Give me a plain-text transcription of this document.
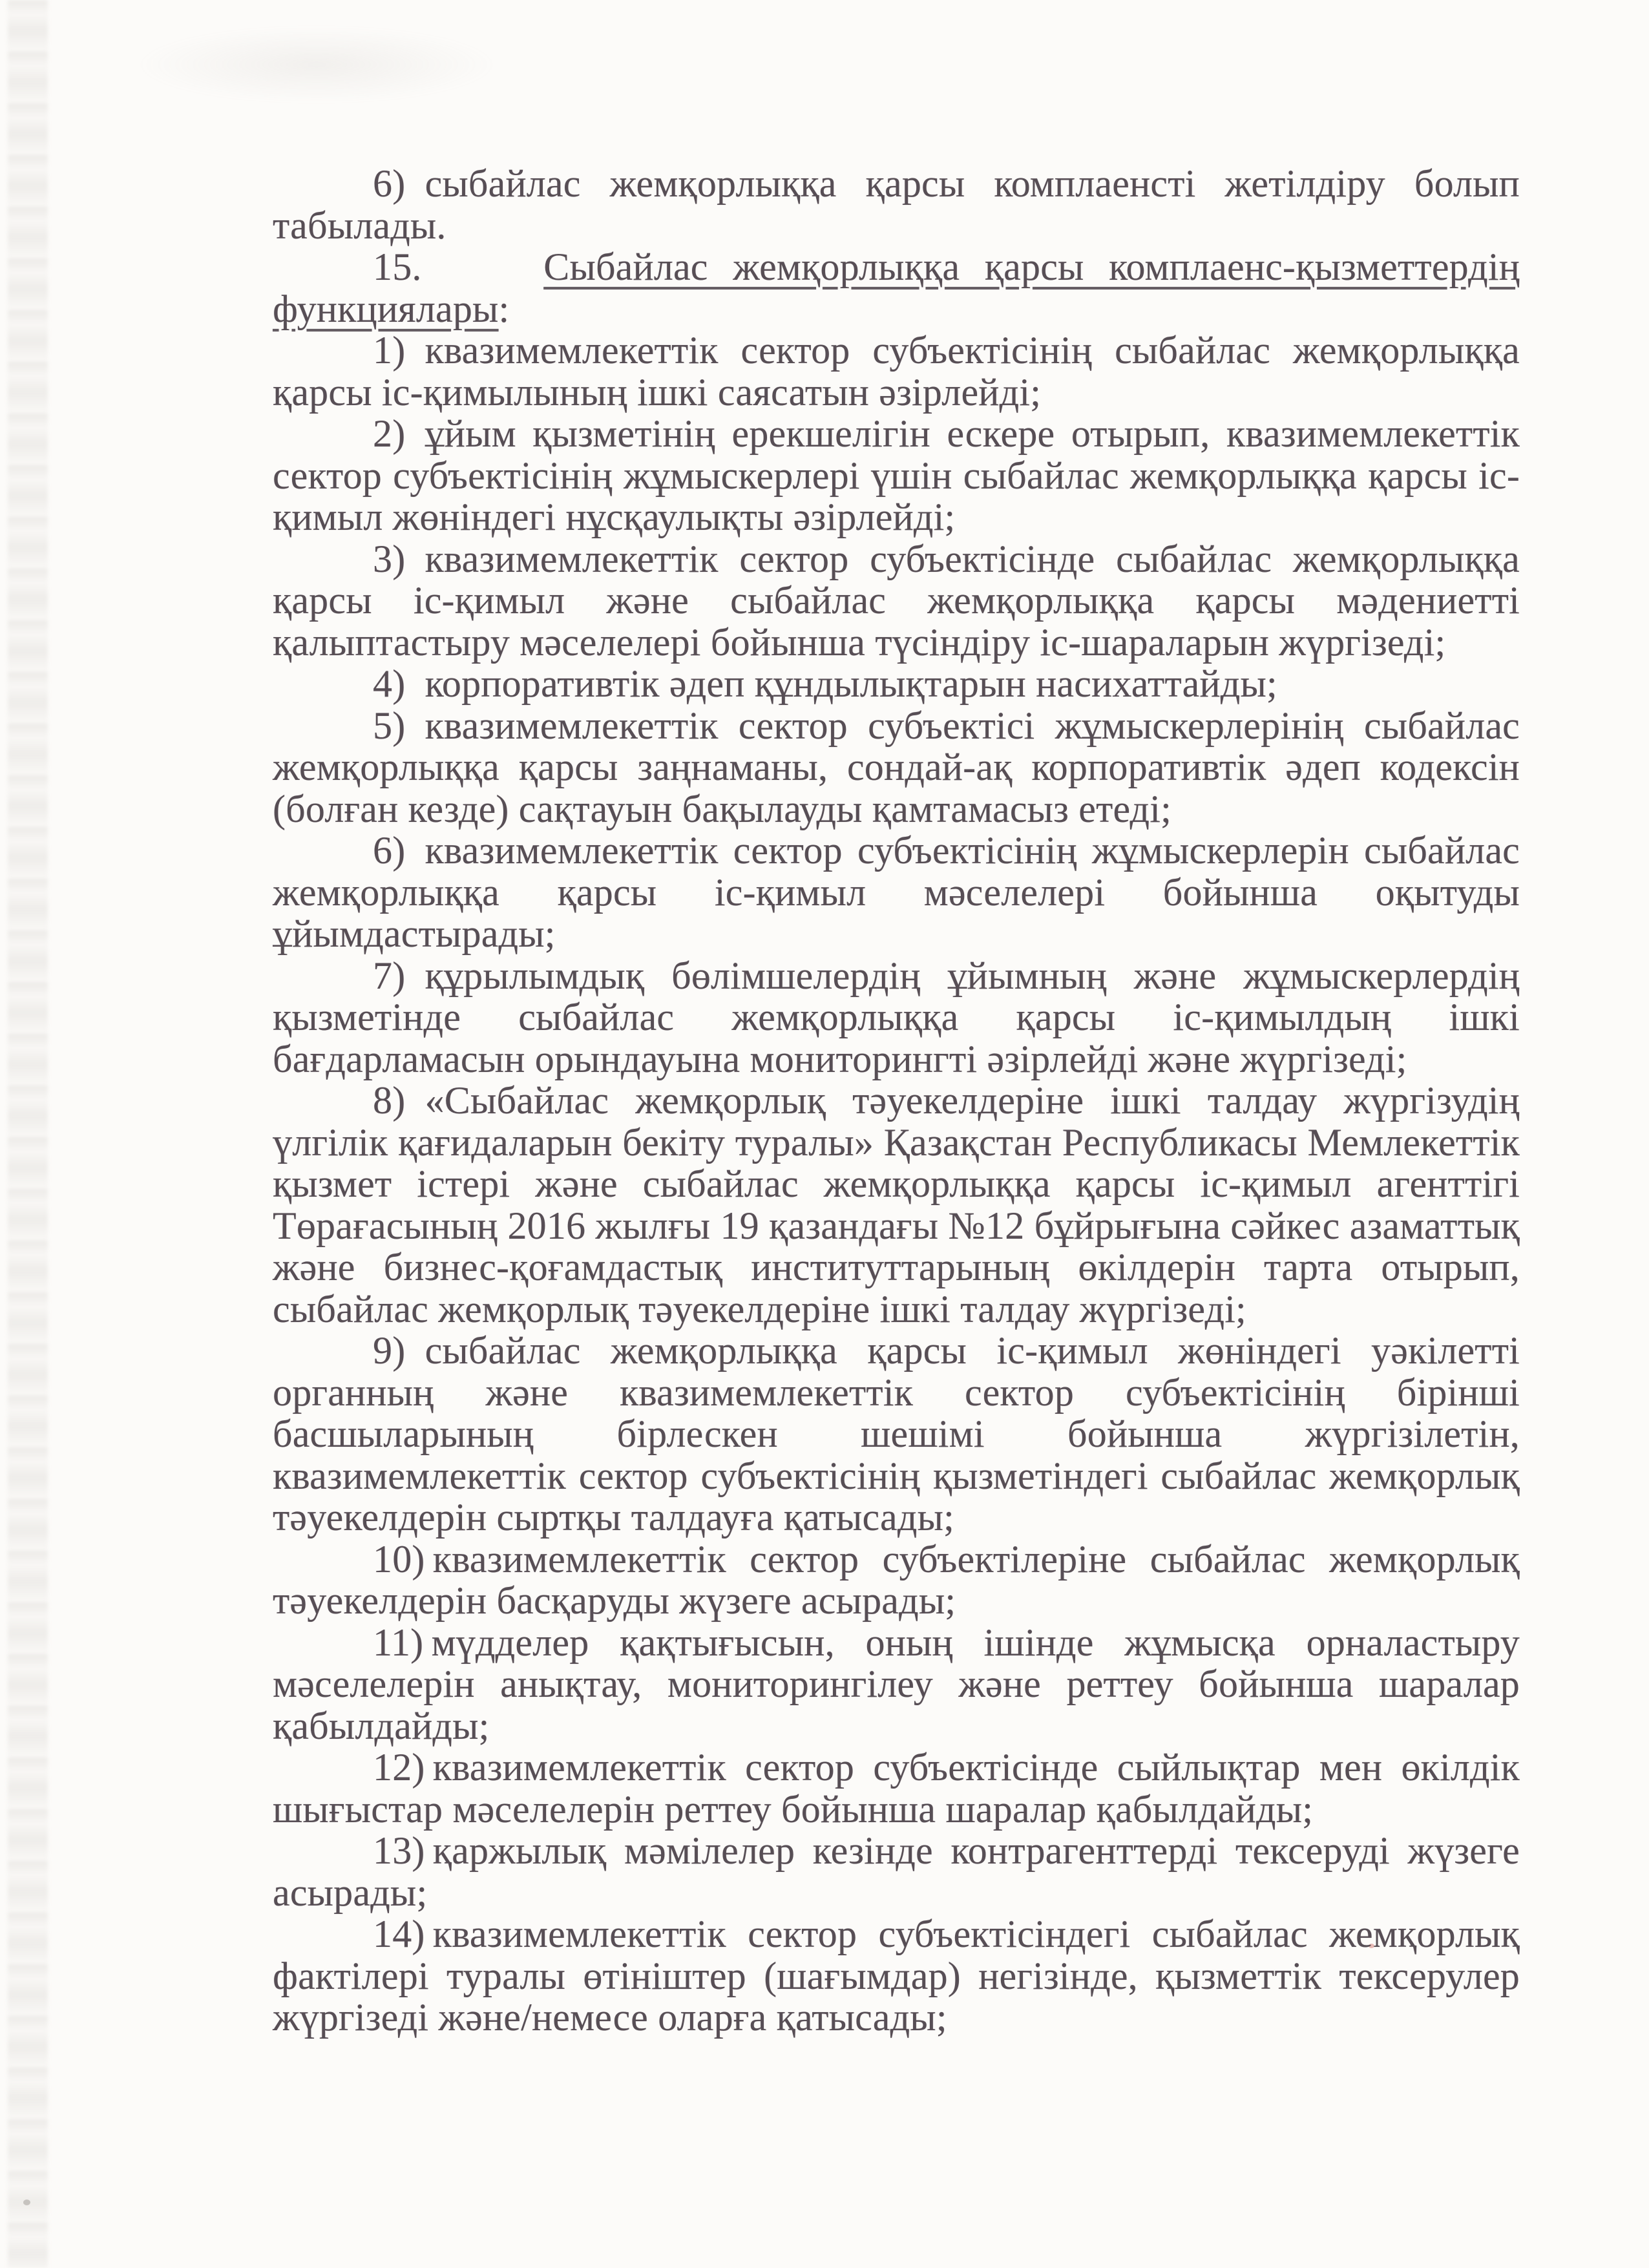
6) сыбайлас жемқорлыққа қарсы комплаенсті жетілдіру болып табылады.

15.	Сыбайлас жемқорлыққа қарсы комплаенс-қызметтердің функциялары:

1) квазимемлекеттік сектор субъектісінің сыбайлас жемқорлыққа қарсы іс-қимылының ішкі саясатын әзірлейді;

2) ұйым қызметінің ерекшелігін ескере отырып, квазимемлекеттік сектор субъектісінің жұмыскерлері үшін сыбайлас жемқорлыққа қарсы іс-қимыл жөніндегі нұсқаулықты әзірлейді;

3) квазимемлекеттік сектор субъектісінде сыбайлас жемқорлыққа қарсы іс-қимыл және сыбайлас жемқорлыққа қарсы мәдениетті қалыптастыру мәселелері бойынша түсіндіру іс-шараларын жүргізеді;

4) корпоративтік әдеп құндылықтарын насихаттайды;

5) квазимемлекеттік сектор субъектісі жұмыскерлерінің сыбайлас жемқорлыққа қарсы заңнаманы, сондай-ақ корпоративтік әдеп кодексін (болған кезде) сақтауын бақылауды қамтамасыз етеді;

6) квазимемлекеттік сектор субъектісінің жұмыскерлерін сыбайлас жемқорлыққа қарсы іс-қимыл мәселелері бойынша оқытуды ұйымдастырады;

7) құрылымдық бөлімшелердің ұйымның және жұмыскерлердің қызметінде сыбайлас жемқорлыққа қарсы іс-қимылдың ішкі бағдарламасын орындауына мониторингті әзірлейді және жүргізеді;

8) «Сыбайлас жемқорлық тәуекелдеріне ішкі талдау жүргізудің үлгілік қағидаларын бекіту туралы» Қазақстан Республикасы Мемлекеттік қызмет істері және сыбайлас жемқорлыққа қарсы іс-қимыл агенттігі Төрағасының 2016 жылғы 19 қазандағы №12 бұйрығына сәйкес азаматтық және бизнес-қоғамдастық институттарының өкілдерін тарта отырып, сыбайлас жемқорлық тәуекелдеріне ішкі талдау жүргізеді;

9) сыбайлас жемқорлыққа қарсы іс-қимыл жөніндегі уәкілетті органның және квазимемлекеттік сектор субъектісінің бірінші басшыларының бірлескен шешімі бойынша жүргізілетін, квазимемлекеттік сектор субъектісінің қызметіндегі сыбайлас жемқорлық тәуекелдерін сыртқы талдауға қатысады;

10) квазимемлекеттік сектор субъектілеріне сыбайлас жемқорлық тәуекелдерін басқаруды жүзеге асырады;

11) мүдделер қақтығысын, оның ішінде жұмысқа орналастыру мәселелерін анықтау, мониторингілеу және реттеу бойынша шаралар қабылдайды;

12) квазимемлекеттік сектор субъектісінде сыйлықтар мен өкілдік шығыстар мәселелерін реттеу бойынша шаралар қабылдайды;

13) қаржылық мәмілелер кезінде контрагенттерді тексеруді жүзеге асырады;

14) квазимемлекеттік сектор субъектісіндегі сыбайлас жемқорлық фактілері туралы өтініштер (шағымдар) негізінде, қызметтік тексерулер жүргізеді және/немесе оларға қатысады;
